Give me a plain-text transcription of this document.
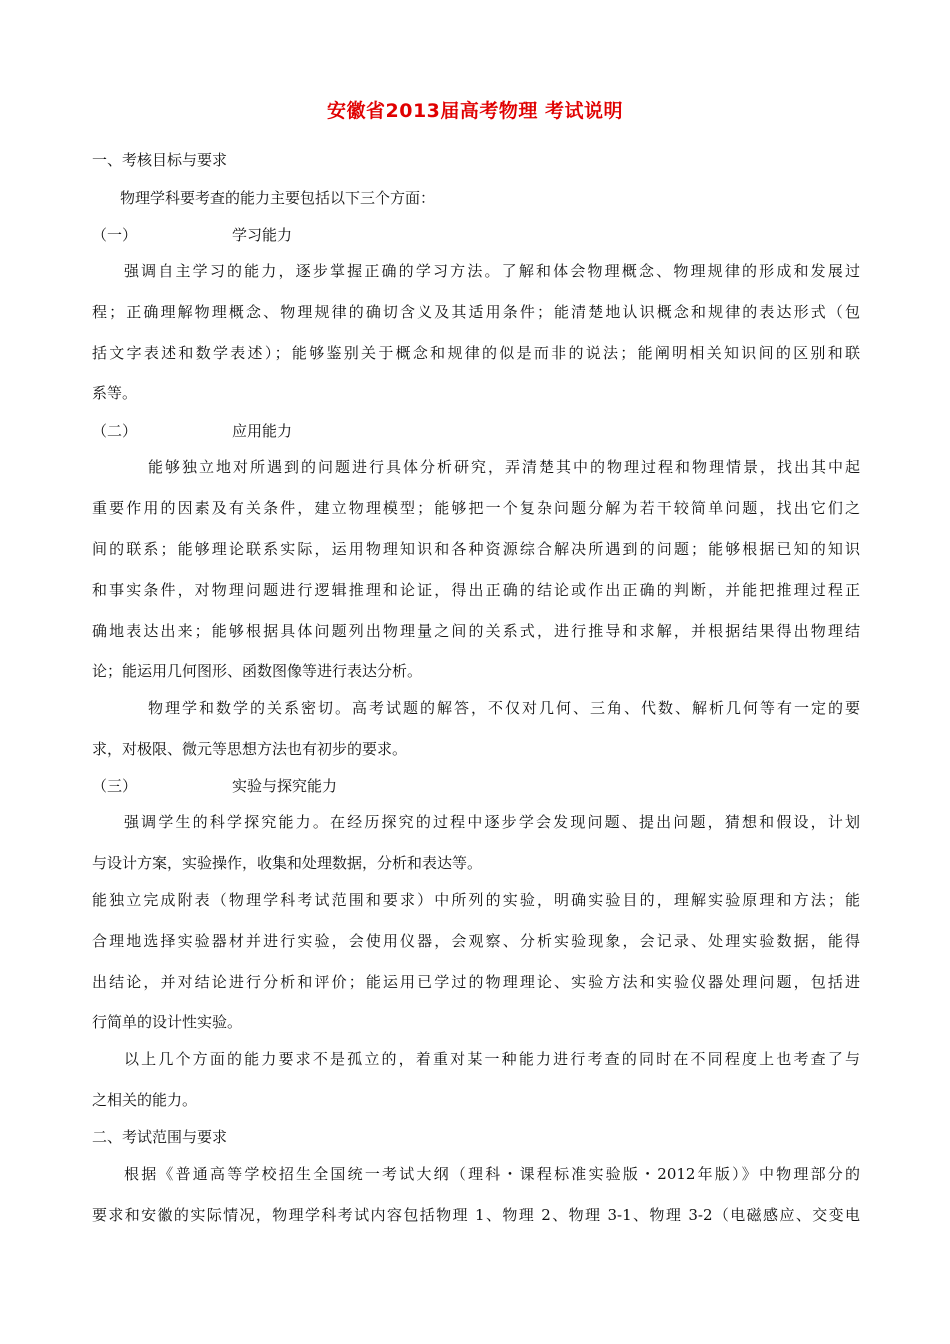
安徽省2013届高考物理 考试说明
一、考核目标与要求
物理学科要考查的能力主要包括以下三个方面：
（一）	学习能力
强调自主学习的能力，逐步掌握正确的学习方法。了解和体会物理概念、物理规律的形成和发展过
程；正确理解物理概念、物理规律的确切含义及其适用条件；能清楚地认识概念和规律的表达形式（包
括文字表述和数学表述）；能够鉴别关于概念和规律的似是而非的说法；能阐明相关知识间的区别和联
系等。
（二）	应用能力
能够独立地对所遇到的问题进行具体分析研究，弄清楚其中的物理过程和物理情景，找出其中起
重要作用的因素及有关条件，建立物理模型；能够把一个复杂问题分解为若干较简单问题，找出它们之
间的联系；能够理论联系实际，运用物理知识和各种资源综合解决所遇到的问题；能够根据已知的知识
和事实条件，对物理问题进行逻辑推理和论证，得出正确的结论或作出正确的判断，并能把推理过程正
确地表达出来；能够根据具体问题列出物理量之间的关系式，进行推导和求解，并根据结果得出物理结
论；能运用几何图形、函数图像等进行表达分析。
物理学和数学的关系密切。高考试题的解答，不仅对几何、三角、代数、解析几何等有一定的要
求，对极限、微元等思想方法也有初步的要求。
（三）	实验与探究能力
强调学生的科学探究能力。在经历探究的过程中逐步学会发现问题、提出问题，猜想和假设，计划
与设计方案，实验操作，收集和处理数据，分析和表达等。
能独立完成附表（物理学科考试范围和要求）中所列的实验，明确实验目的，理解实验原理和方法；能
合理地选择实验器材并进行实验，会使用仪器，会观察、分析实验现象，会记录、处理实验数据，能得
出结论，并对结论进行分析和评价；能运用已学过的物理理论、实验方法和实验仪器处理问题，包括进
行简单的设计性实验。
以上几个方面的能力要求不是孤立的，着重对某一种能力进行考查的同时在不同程度上也考查了与
之相关的能力。
二、考试范围与要求
根据《普通高等学校招生全国统一考试大纲（理科・课程标准实验版・2012年版）》中物理部分的
要求和安徽的实际情况，物理学科考试内容包括物理 1、物理 2、物理 3-1、物理 3-2（电磁感应、交变电
